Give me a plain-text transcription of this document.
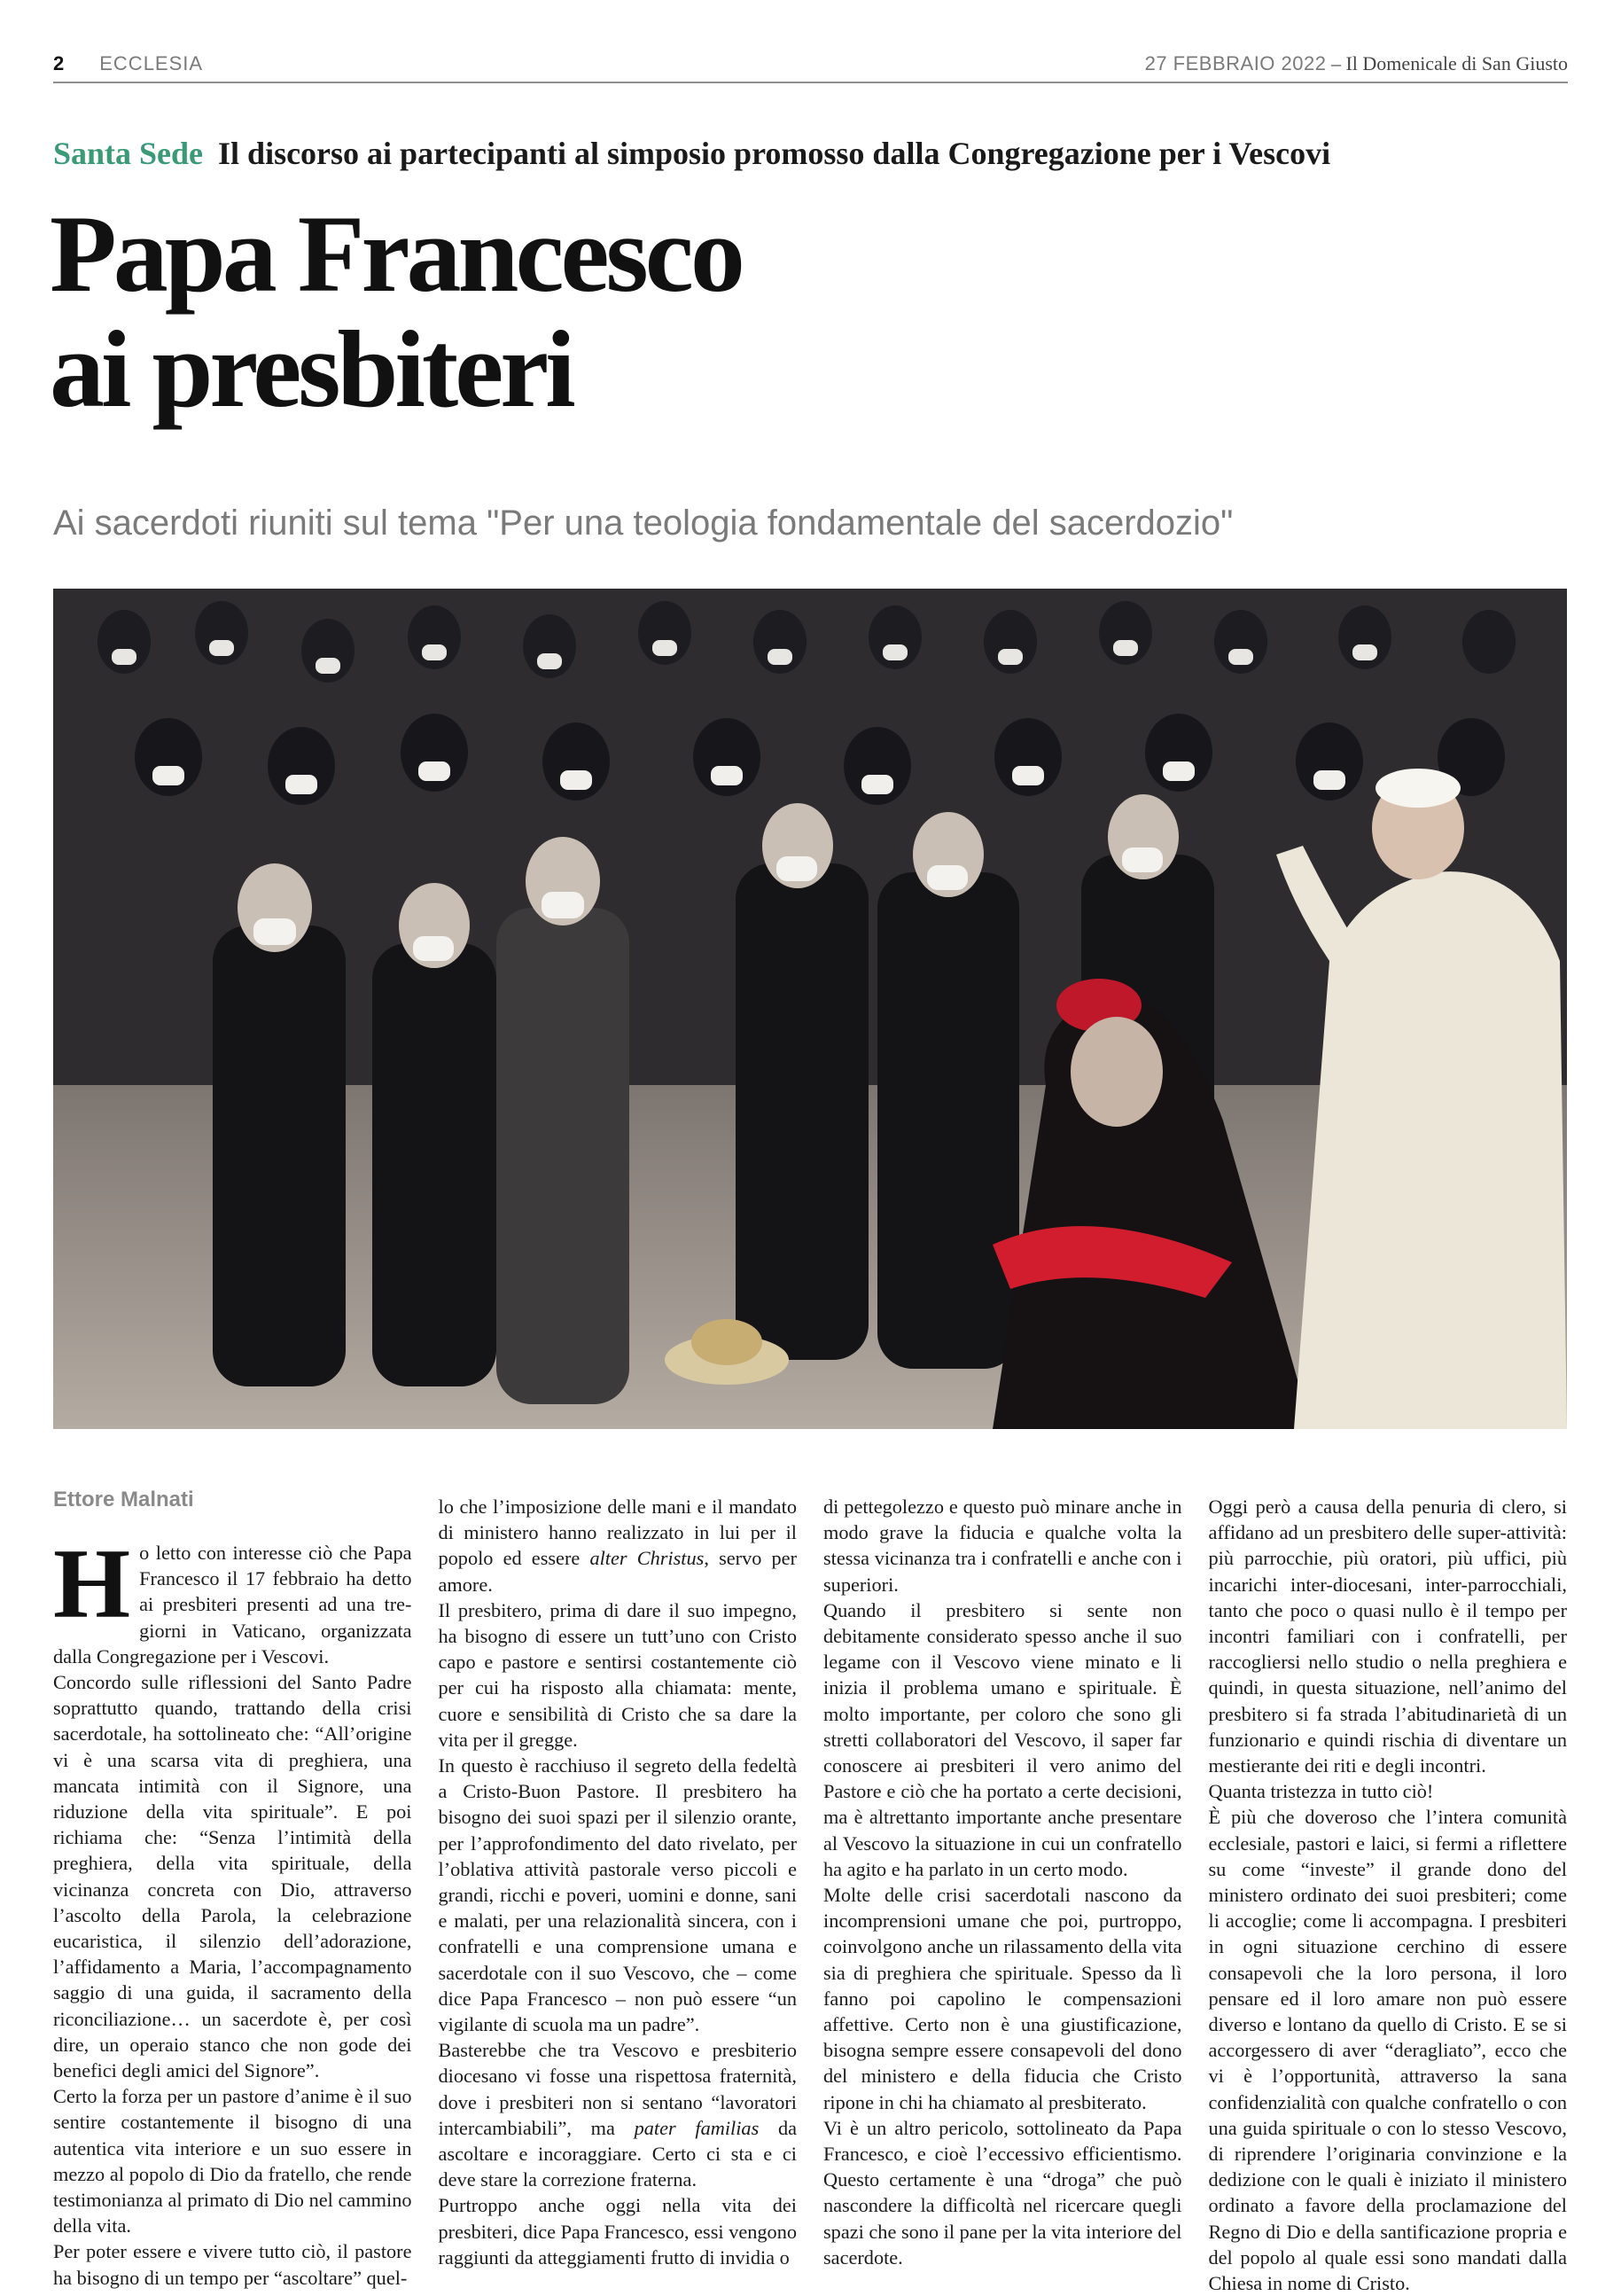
2 ECCLESIA	27 FEBBRAIO 2022 – Il Domenicale di San Giusto
Santa Sede Il discorso ai partecipanti al simposio promosso dalla Congregazione per i Vescovi
Papa Francesco
ai presbiteri
Ai sacerdoti riuniti sul tema "Per una teologia fondamentale del sacerdozio"
Ettore Malnati

Ho letto con interesse ciò che Papa Francesco il 17 febbraio ha detto ai presbiteri presenti ad una tre-giorni in Vaticano, organizzata dalla Congregazione per i Vescovi.

Concordo sulle riflessioni del Santo Padre soprattutto quando, trattando della crisi sacerdotale, ha sottolineato che: “All’origine vi è una scarsa vita di preghiera, una mancata intimità con il Signore, una riduzione della vita spirituale”. E poi richiama che: “Senza l’intimità della preghiera, della vita spirituale, della vicinanza concreta con Dio, attraverso l’ascolto della Parola, la celebrazione eucaristica, il silenzio dell’adorazione, l’affidamento a Maria, l’accompagnamento saggio di una guida, il sacramento della riconciliazione… un sacerdote è, per così dire, un operaio stanco che non gode dei benefici degli amici del Signore”.

Certo la forza per un pastore d’anime è il suo sentire costantemente il bisogno di una autentica vita interiore e un suo essere in mezzo al popolo di Dio da fratello, che rende testimonianza al primato di Dio nel cammino della vita.

Per poter essere e vivere tutto ciò, il pastore ha bisogno di un tempo per “ascoltare” quel-

lo che l’imposizione delle mani e il mandato di ministero hanno realizzato in lui per il popolo ed essere alter Christus, servo per amore.

Il presbitero, prima di dare il suo impegno, ha bisogno di essere un tutt’uno con Cristo capo e pastore e sentirsi costantemente ciò per cui ha risposto alla chiamata: mente, cuore e sensibilità di Cristo che sa dare la vita per il gregge.

In questo è racchiuso il segreto della fedeltà a Cristo-Buon Pastore. Il presbitero ha bisogno dei suoi spazi per il silenzio orante, per l’approfondimento del dato rivelato, per l’oblativa attività pastorale verso piccoli e grandi, ricchi e poveri, uomini e donne, sani e malati, per una relazionalità sincera, con i confratelli e una comprensione umana e sacerdotale con il suo Vescovo, che – come dice Papa Francesco – non può essere “un vigilante di scuola ma un padre”.

Basterebbe che tra Vescovo e presbiterio diocesano vi fosse una rispettosa fraternità, dove i presbiteri non si sentano “lavoratori intercambiabili”, ma pater familias da ascoltare e incoraggiare. Certo ci sta e ci deve stare la correzione fraterna.

Purtroppo anche oggi nella vita dei presbiteri, dice Papa Francesco, essi vengono raggiunti da atteggiamenti frutto di invidia o

di pettegolezzo e questo può minare anche in modo grave la fiducia e qualche volta la stessa vicinanza tra i confratelli e anche con i superiori.

Quando il presbitero si sente non debitamente considerato spesso anche il suo legame con il Vescovo viene minato e li inizia il problema umano e spirituale. È molto importante, per coloro che sono gli stretti collaboratori del Vescovo, il saper far conoscere ai presbiteri il vero animo del Pastore e ciò che ha portato a certe decisioni, ma è altrettanto importante anche presentare al Vescovo la situazione in cui un confratello ha agito e ha parlato in un certo modo.

Molte delle crisi sacerdotali nascono da incomprensioni umane che poi, purtroppo, coinvolgono anche un rilassamento della vita sia di preghiera che spirituale. Spesso da lì fanno poi capolino le compensazioni affettive. Certo non è una giustificazione, bisogna sempre essere consapevoli del dono del ministero e della fiducia che Cristo ripone in chi ha chiamato al presbiterato.

Vi è un altro pericolo, sottolineato da Papa Francesco, e cioè l’eccessivo efficientismo. Questo certamente è una “droga” che può nascondere la difficoltà nel ricercare quegli spazi che sono il pane per la vita interiore del sacerdote.

Oggi però a causa della penuria di clero, si affidano ad un presbitero delle super-attività: più parrocchie, più oratori, più uffici, più incarichi inter-diocesani, inter-parrocchiali, tanto che poco o quasi nullo è il tempo per incontri familiari con i confratelli, per raccogliersi nello studio o nella preghiera e quindi, in questa situazione, nell’animo del presbitero si fa strada l’abitudinarietà di un funzionario e quindi rischia di diventare un mestierante dei riti e degli incontri.

Quanta tristezza in tutto ciò!

È più che doveroso che l’intera comunità ecclesiale, pastori e laici, si fermi a riflettere su come “investe” il grande dono del ministero ordinato dei suoi presbiteri; come li accoglie; come li accompagna. I presbiteri in ogni situazione cerchino di essere consapevoli che la loro persona, il loro pensare ed il loro amare non può essere diverso e lontano da quello di Cristo. E se si accorgessero di aver “deragliato”, ecco che vi è l’opportunità, attraverso la sana confidenzialità con qualche confratello o con una guida spirituale o con lo stesso Vescovo, di riprendere l’originaria convinzione e la dedizione con le quali è iniziato il ministero ordinato a favore della proclamazione del Regno di Dio e della santificazione propria e del popolo al quale essi sono mandati dalla Chiesa in nome di Cristo.
